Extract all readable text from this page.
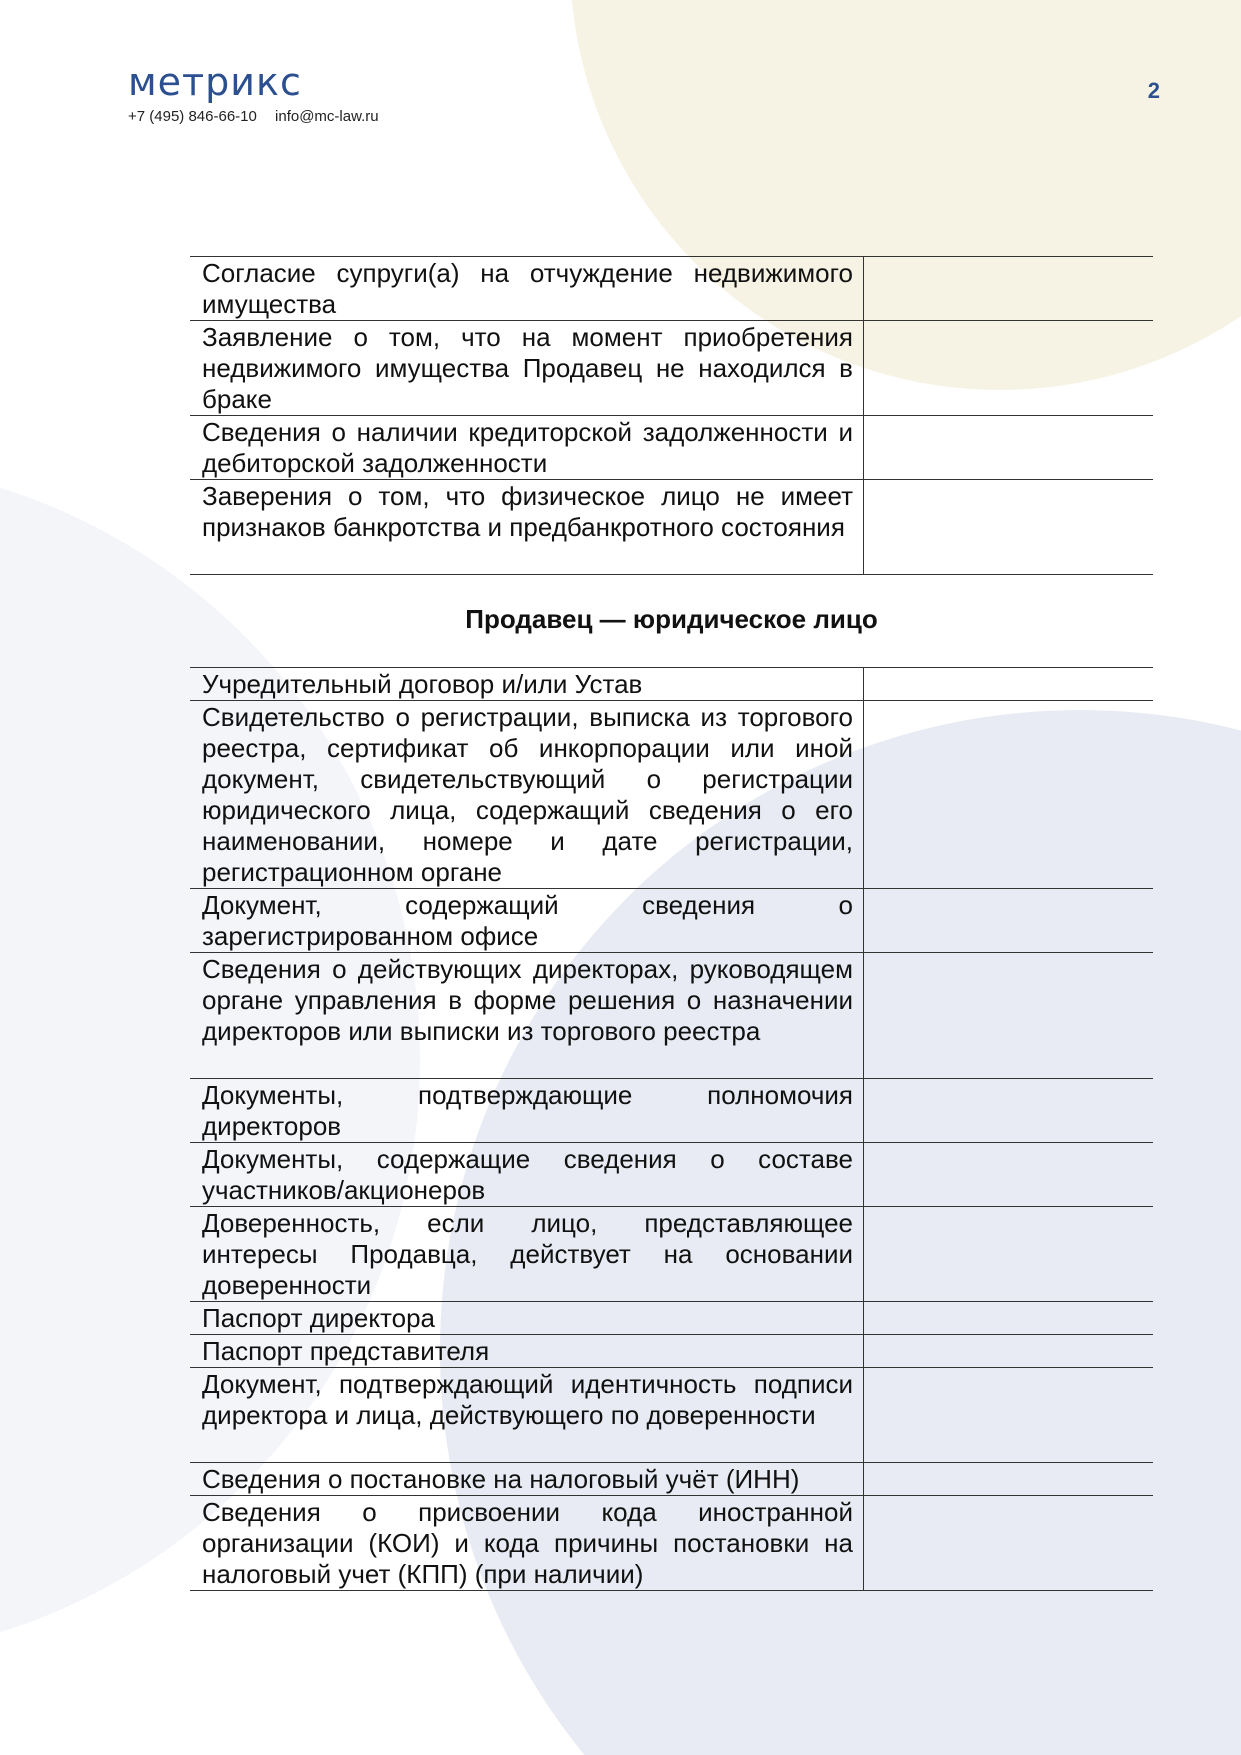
метрикс
+7 (495) 846-66-10 info@mc-law.ru
2
Согласие супруги(а) на отчуждение недвижимого имущества	
Заявление о том, что на момент приобретения недвижимого имущества Продавец не находился в браке	
Сведения о наличии кредиторской задолженности и дебиторской задолженности	
Заверения о том, что физическое лицо не имеет признаков банкротства и предбанкротного состояния	
Продавец — юридическое лицо
Учредительный договор и/или Устав	
Свидетельство о регистрации, выписка из торгового реестра, сертификат об инкорпорации или иной документ, свидетельствующий о регистрации юридического лица, содержащий сведения о его наименовании, номере и дате регистрации, регистрационном органе	
Документ, содержащий сведения о зарегистрированном офисе	
Сведения о действующих директорах, руководящем органе управления в форме решения о назначении директоров или выписки из торгового реестра	
Документы, подтверждающие полномочия директоров	
Документы, содержащие сведения о составе участников/акционеров	
Доверенность, если лицо, представляющее интересы Продавца, действует на основании доверенности	
Паспорт директора	
Паспорт представителя	
Документ, подтверждающий идентичность подписи директора и лица, действующего по доверенности	
Сведения о постановке на налоговый учёт (ИНН)	
Сведения о присвоении кода иностранной организации (КОИ) и кода причины постановки на налоговый учет (КПП) (при наличии)	
